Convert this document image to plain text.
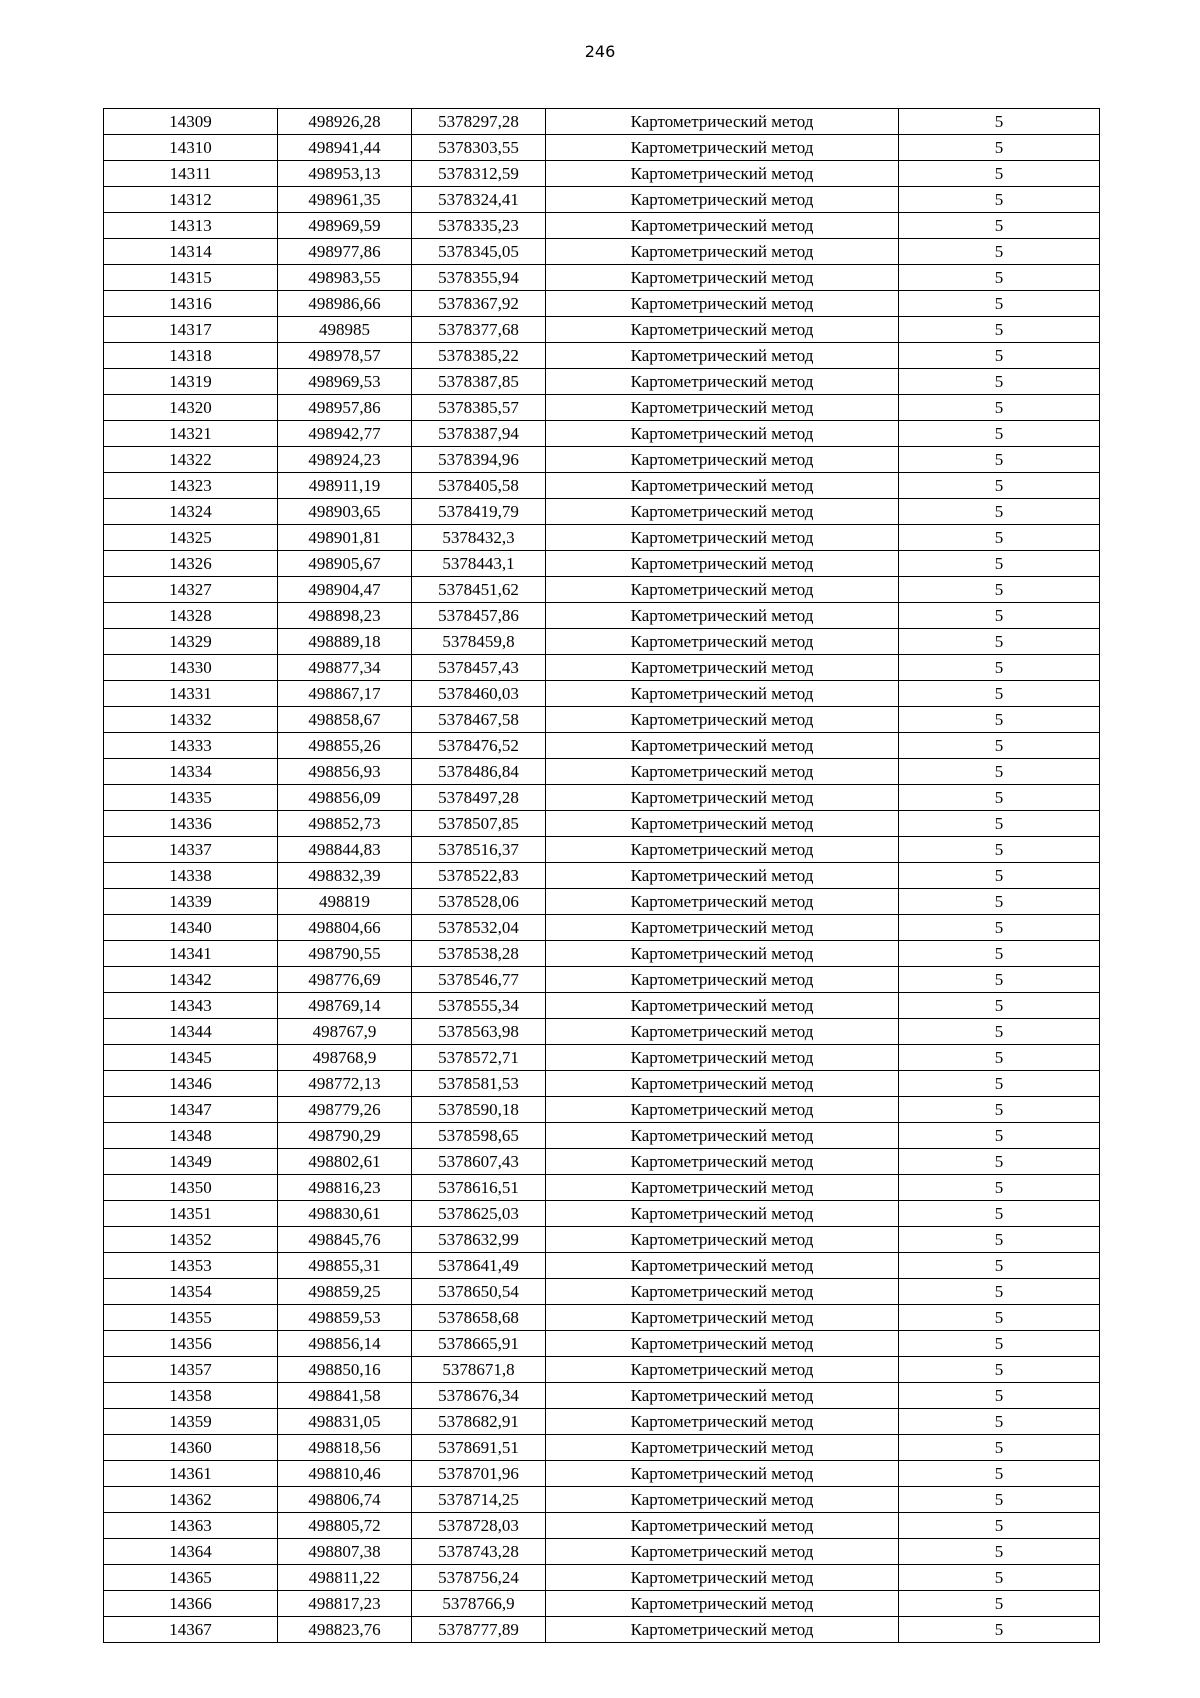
246
14309	498926,28	5378297,28	Картометрический метод	5
14310	498941,44	5378303,55	Картометрический метод	5
14311	498953,13	5378312,59	Картометрический метод	5
14312	498961,35	5378324,41	Картометрический метод	5
14313	498969,59	5378335,23	Картометрический метод	5
14314	498977,86	5378345,05	Картометрический метод	5
14315	498983,55	5378355,94	Картометрический метод	5
14316	498986,66	5378367,92	Картометрический метод	5
14317	498985	5378377,68	Картометрический метод	5
14318	498978,57	5378385,22	Картометрический метод	5
14319	498969,53	5378387,85	Картометрический метод	5
14320	498957,86	5378385,57	Картометрический метод	5
14321	498942,77	5378387,94	Картометрический метод	5
14322	498924,23	5378394,96	Картометрический метод	5
14323	498911,19	5378405,58	Картометрический метод	5
14324	498903,65	5378419,79	Картометрический метод	5
14325	498901,81	5378432,3	Картометрический метод	5
14326	498905,67	5378443,1	Картометрический метод	5
14327	498904,47	5378451,62	Картометрический метод	5
14328	498898,23	5378457,86	Картометрический метод	5
14329	498889,18	5378459,8	Картометрический метод	5
14330	498877,34	5378457,43	Картометрический метод	5
14331	498867,17	5378460,03	Картометрический метод	5
14332	498858,67	5378467,58	Картометрический метод	5
14333	498855,26	5378476,52	Картометрический метод	5
14334	498856,93	5378486,84	Картометрический метод	5
14335	498856,09	5378497,28	Картометрический метод	5
14336	498852,73	5378507,85	Картометрический метод	5
14337	498844,83	5378516,37	Картометрический метод	5
14338	498832,39	5378522,83	Картометрический метод	5
14339	498819	5378528,06	Картометрический метод	5
14340	498804,66	5378532,04	Картометрический метод	5
14341	498790,55	5378538,28	Картометрический метод	5
14342	498776,69	5378546,77	Картометрический метод	5
14343	498769,14	5378555,34	Картометрический метод	5
14344	498767,9	5378563,98	Картометрический метод	5
14345	498768,9	5378572,71	Картометрический метод	5
14346	498772,13	5378581,53	Картометрический метод	5
14347	498779,26	5378590,18	Картометрический метод	5
14348	498790,29	5378598,65	Картометрический метод	5
14349	498802,61	5378607,43	Картометрический метод	5
14350	498816,23	5378616,51	Картометрический метод	5
14351	498830,61	5378625,03	Картометрический метод	5
14352	498845,76	5378632,99	Картометрический метод	5
14353	498855,31	5378641,49	Картометрический метод	5
14354	498859,25	5378650,54	Картометрический метод	5
14355	498859,53	5378658,68	Картометрический метод	5
14356	498856,14	5378665,91	Картометрический метод	5
14357	498850,16	5378671,8	Картометрический метод	5
14358	498841,58	5378676,34	Картометрический метод	5
14359	498831,05	5378682,91	Картометрический метод	5
14360	498818,56	5378691,51	Картометрический метод	5
14361	498810,46	5378701,96	Картометрический метод	5
14362	498806,74	5378714,25	Картометрический метод	5
14363	498805,72	5378728,03	Картометрический метод	5
14364	498807,38	5378743,28	Картометрический метод	5
14365	498811,22	5378756,24	Картометрический метод	5
14366	498817,23	5378766,9	Картометрический метод	5
14367	498823,76	5378777,89	Картометрический метод	5
